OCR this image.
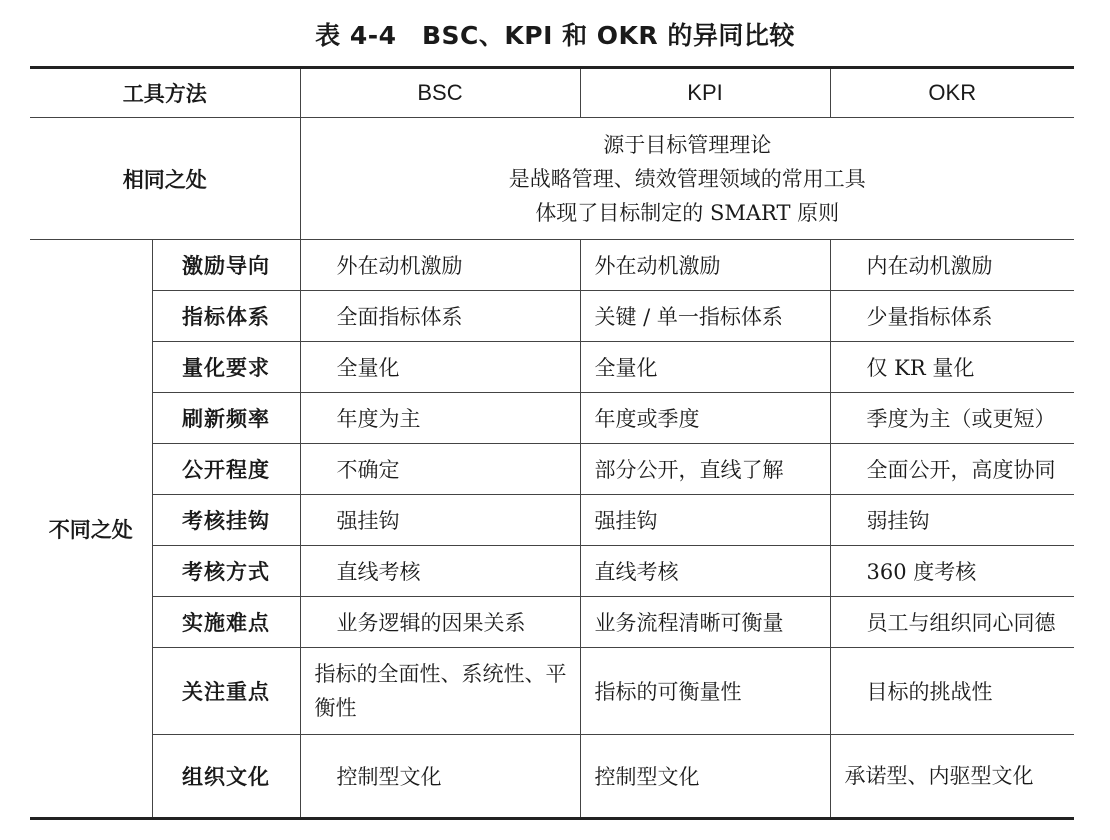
表 4-4　BSC、KPI 和 OKR 的异同比较
工具方法		BSC	KPI	OKR
相同之处		源于目标管理理论
是战略管理、绩效管理领域的常用工具
体现了目标制定的 SMART 原则		

不同之处	激励导向	外在动机激励	外在动机激励	内在动机激励
	指标体系	全面指标体系	关键 / 单一指标体系	少量指标体系
	量化要求	全量化	全量化	仅 KR 量化
	刷新频率	年度为主	年度或季度	季度为主（或更短）
	公开程度	不确定	部分公开，直线了解	全面公开，高度协同
	考核挂钩	强挂钩	强挂钩	弱挂钩
	考核方式	直线考核	直线考核	360 度考核
	实施难点	业务逻辑的因果关系	业务流程清晰可衡量	员工与组织同心同德
	关注重点	指标的全面性、系统性、平衡性	指标的可衡量性	目标的挑战性
	组织文化	控制型文化	控制型文化	承诺型、内驱型文化
